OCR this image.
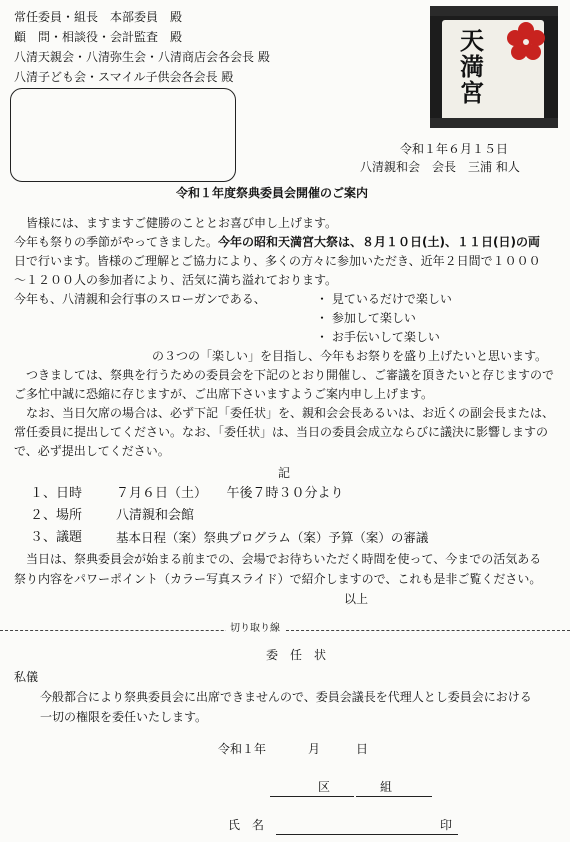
常任委員・組長　本部委員　殿
顧　問・相談役・会計監査　殿
八清天親会・八清弥生会・八清商店会各会長 殿
八清子ども会・スマイル子供会各会長 殿
天
満
宮
令和１年６月１５日
八清親和会　会長　三浦 和人
令和１年度祭典委員会開催のご案内
皆様には、ますますご健勝のこととお喜び申し上げます。
今年も祭りの季節がやってきました。今年の昭和天満宮大祭は、８月１０日(土)、１１日(日)の両
日で行います。皆様のご理解とご協力により、多くの方々に参加いただき、近年２日間で１０００
～１２００人の参加者により、活気に満ち溢れております。
今年も、八清親和会行事のスローガンである、	・ 見ているだけで楽しい
・ 参加して楽しい
・ お手伝いして楽しい
の３つの「楽しい」を目指し、今年もお祭りを盛り上げたいと思います。
つきましては、祭典を行うための委員会を下記のとおり開催し、ご審議を頂きたいと存じますので
ご多忙中誠に恐縮に存じますが、ご出席下さいますようご案内申し上げます。
なお、当日欠席の場合は、必ず下記「委任状」を、親和会会長あるいは、お近くの副会長または、
常任委員に提出してください。なお、「委任状」は、当日の委員会成立ならびに議決に影響しますの
で、必ず提出してください。
記
１、日時	７月６日（土）　　午後７時３０分より
２、場所	八清親和会館
３、議題	基本日程（案）祭典プログラム（案）予算（案）の審議
当日は、祭典委員会が始まる前までの、会場でお待ちいただく時間を使って、今までの活気ある
祭り内容をパワーポイント（カラー写真スライド）で紹介しますので、これも是非ご覧ください。
以上
切り取り線
委　任　状
私儀
今般都合により祭典委員会に出席できませんので、委員会議長を代理人とし委員会における
一切の権限を委任いたします。
令和１年	月	日
区	組
氏　名	印
